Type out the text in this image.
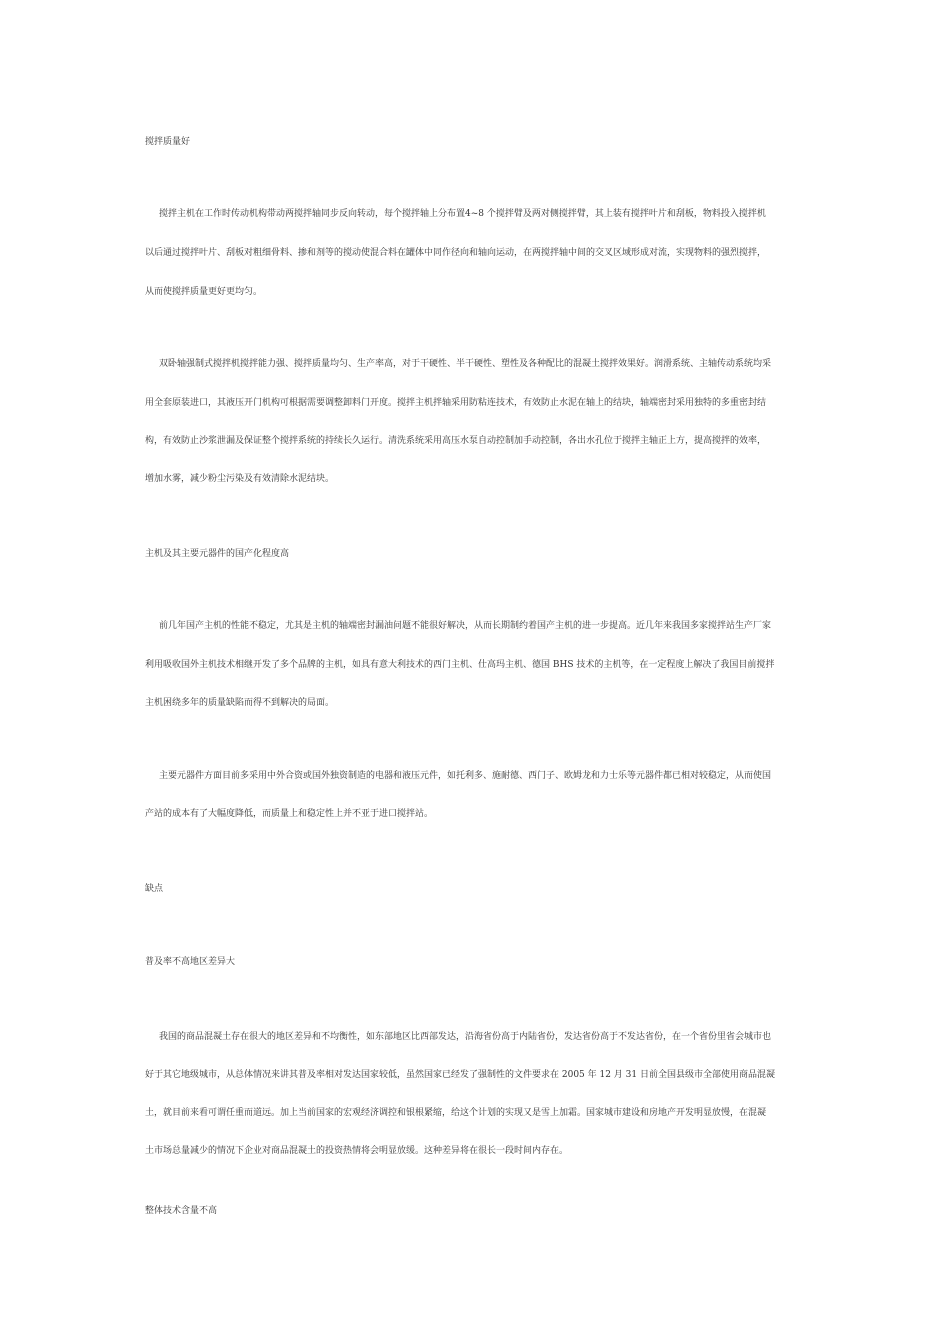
搅拌质量好
搅拌主机在工作时传动机构带动两搅拌轴同步反向转动，每个搅拌轴上分布置4~8 个搅拌臂及两对侧搅拌臂，其上装有搅拌叶片和刮板，物料投入搅拌机
以后通过搅拌叶片、刮板对粗细骨料、掺和剂等的搅动使混合料在罐体中同作径向和轴向运动，在两搅拌轴中间的交叉区域形成对流，实现物料的强烈搅拌，
从而使搅拌质量更好更均匀。
双卧轴强制式搅拌机搅拌能力强、搅拌质量均匀、生产率高，对于干硬性、半干硬性、塑性及各种配比的混凝土搅拌效果好。润滑系统、主轴传动系统均采
用全套原装进口，其液压开门机构可根据需要调整卸料门开度。搅拌主机拌轴采用防粘连技术，有效防止水泥在轴上的结块，轴端密封采用独特的多重密封结
构，有效防止沙浆泄漏及保证整个搅拌系统的持续长久运行。清洗系统采用高压水泵自动控制加手动控制，各出水孔位于搅拌主轴正上方，提高搅拌的效率，
增加水雾，减少粉尘污染及有效清除水泥结块。
主机及其主要元器件的国产化程度高
前几年国产主机的性能不稳定，尤其是主机的轴端密封漏油问题不能很好解决，从而长期制约着国产主机的进一步提高。近几年来我国多家搅拌站生产厂家
利用吸收国外主机技术相继开发了多个品牌的主机，如具有意大利技术的西门主机、仕高玛主机、德国 BHS 技术的主机等，在一定程度上解决了我国目前搅拌
主机困绕多年的质量缺陷而得不到解决的局面。
主要元器件方面目前多采用中外合资或国外独资制造的电器和液压元件，如托利多、施耐德、西门子、欧姆龙和力士乐等元器件都已相对较稳定，从而使国
产站的成本有了大幅度降低，而质量上和稳定性上并不亚于进口搅拌站。
缺点
普及率不高地区差异大
我国的商品混凝土存在很大的地区差异和不均衡性，如东部地区比西部发达，沿海省份高于内陆省份，发达省份高于不发达省份，在一个省份里省会城市也
好于其它地级城市，从总体情况来讲其普及率相对发达国家较低，虽然国家已经发了强制性的文件要求在 2005 年 12 月 31 日前全国县级市全部使用商品混凝
土，就目前来看可谓任重而道远。加上当前国家的宏观经济调控和银根紧缩，给这个计划的实现又是雪上加霜。国家城市建设和房地产开发明显放慢，在混凝
土市场总量减少的情况下企业对商品混凝土的投资热情将会明显放缓。这种差异将在很长一段时间内存在。
整体技术含量不高
